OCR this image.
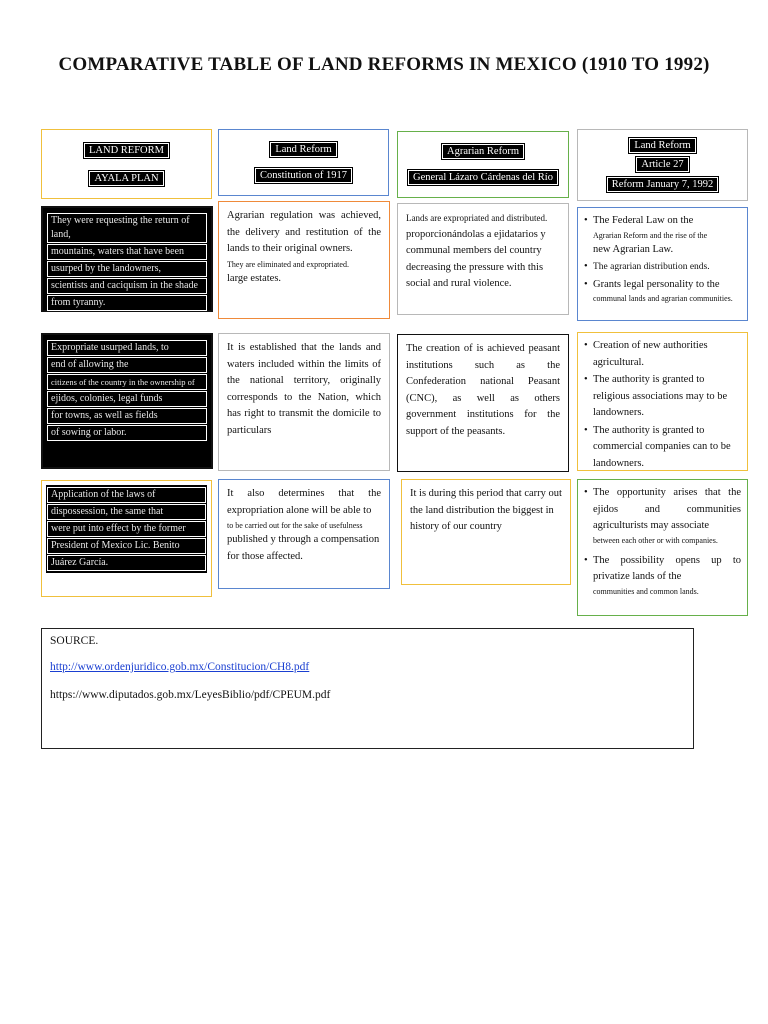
COMPARATIVE TABLE OF LAND REFORMS IN MEXICO (1910 TO 1992)
LAND REFORM
AYALA PLAN
Land Reform
Constitution of 1917
Agrarian Reform
General Lázaro Cárdenas del Río
Land Reform
Article 27
Reform January 7, 1992
They were requesting the return of land,
mountains, waters that have been
usurped by the landowners,
scientists and caciquism in the shade
from tyranny.

Agrarian regulation was achieved, the delivery and restitution of the lands to their original owners.

They are eliminated and expropriated.

large estates.

Lands are expropriated and distributed.

proporcionándolas a ejidatarios y communal members del country decreasing the pressure with this social and rural violence.

• The Federal Law on the
Agrarian Reform and the rise of the
new Agrarian Law.
• The agrarian distribution ends.
• Grants legal personality to the
communal lands and agrarian communities.
Expropriate usurped lands, to
end of allowing the
citizens of the country in the ownership of
ejidos, colonies, legal funds
for towns, as well as fields
of sowing or labor.

It is established that the lands and waters included within the limits of the national territory, originally corresponds to the Nation, which has right to transmit the domicile to particulars

The creation of is achieved peasant institutions such as the Confederation national Peasant (CNC), as well as others government institutions for the support of the peasants.

• Creation of new authorities agricultural.
• The authority is granted to religious associations may to be landowners.
• The authority is granted to commercial companies can to be landowners.
Application of the laws of
dispossession, the same that
were put into effect by the former
President of Mexico Lic. Benito
Juárez García.

It also determines that the expropriation alone will be able to

to be carried out for the sake of usefulness

published y through a compensation for those affected.

It is during this period that carry out the land distribution the biggest in history of our country

• The opportunity arises that the ejidos and communities agriculturists may associate
between each other or with companies.
• The possibility opens up to privatize lands of the
communities and common lands.
SOURCE.
http://www.ordenjuridico.gob.mx/Constitucion/CH8.pdf
https://www.diputados.gob.mx/LeyesBiblio/pdf/CPEUM.pdf
